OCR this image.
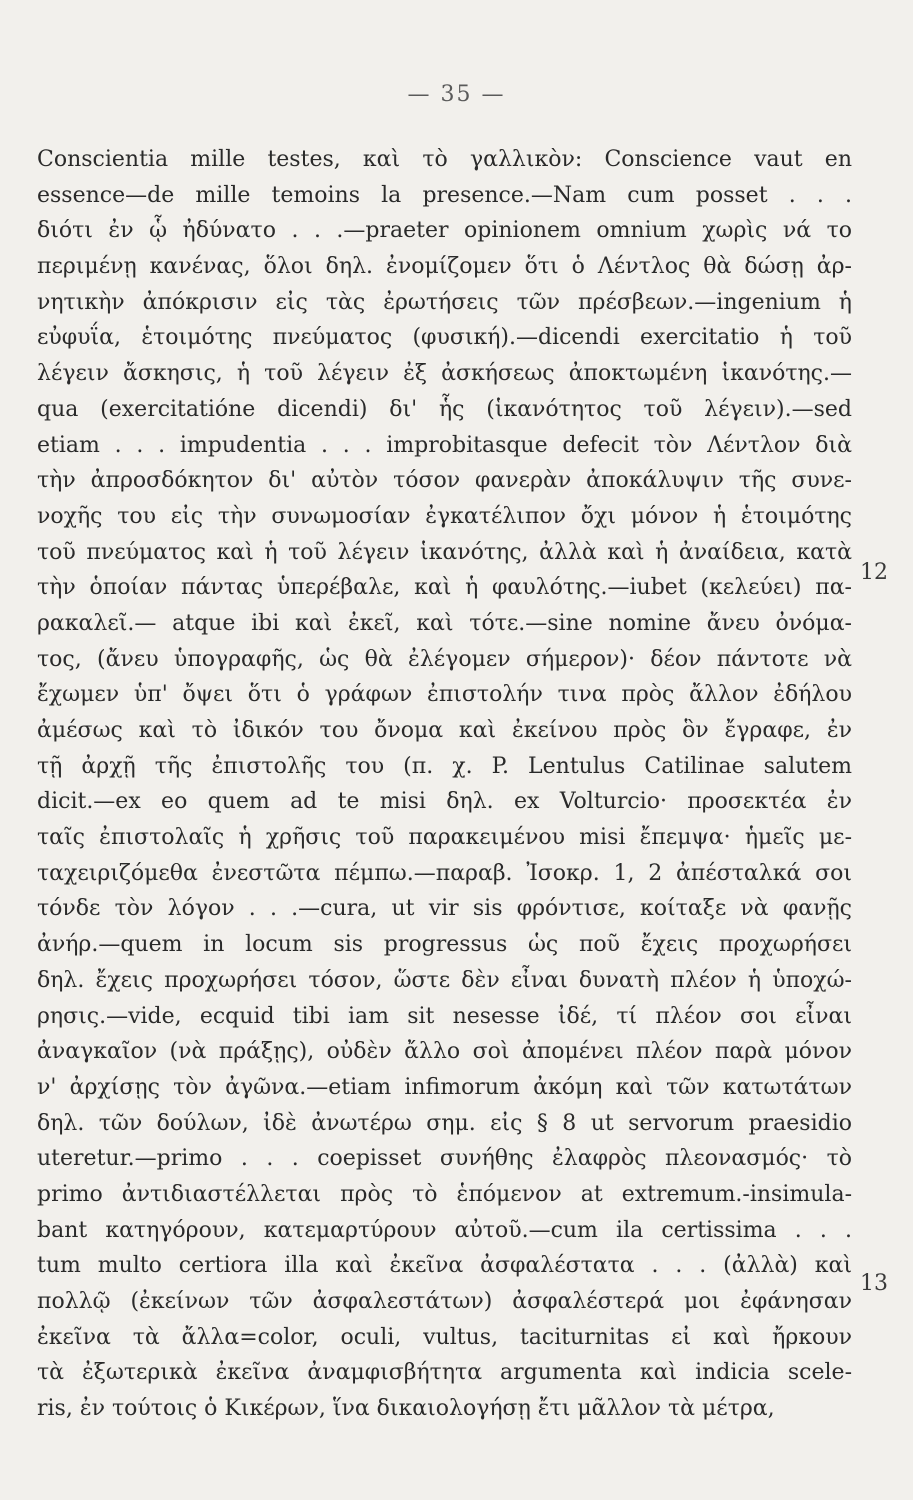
— 35 —
Conscientia mille testes, καὶ τὸ γαλλικὸν: Conscience vaut en
essence—de mille temoins la presence.—Nam cum posset . . .
διότι ἐν ᾧ ἠδύνατο . . .—praeter opinionem omnium χωρὶς νά το
περιμένῃ κανένας, ὅλοι δηλ. ἐνομίζομεν ὅτι ὁ Λέντλος θὰ δώσῃ ἀρ-
νητικὴν ἀπόκρισιν εἰς τὰς ἐρωτήσεις τῶν πρέσβεων.—ingenium ἡ
εὐφυΐα, ἑτοιμότης πνεύματος (φυσική).—dicendi exercitatio ἡ τοῦ
λέγειν ἄσκησις, ἡ τοῦ λέγειν ἐξ ἀσκήσεως ἀποκτωμένη ἱκανότης.—
qua (exercitatióne dicendi) δι' ἧς (ἱκανότητος τοῦ λέγειν).—sed
etiam . . . impudentia . . . improbitasque defecit τὸν Λέντλον διὰ
τὴν ἀπροσδόκητον δι' αὐτὸν τόσον φανερὰν ἀποκάλυψιν τῆς συνε-
νοχῆς του εἰς τὴν συνωμοσίαν ἐγκατέλιπον ὄχι μόνον ἡ ἑτοιμότης
τοῦ πνεύματος καὶ ἡ τοῦ λέγειν ἱκανότης, ἀλλὰ καὶ ἡ ἀναίδεια, κατὰ
τὴν ὁποίαν πάντας ὑπερέβαλε, καὶ ἡ φαυλότης.—iubet (κελεύει) πα-
ρακαλεῖ.— atque ibi καὶ ἐκεῖ, καὶ τότε.—sine nomine ἄνευ ὀνόμα-
τος, (ἄνευ ὑπογραφῆς, ὡς θὰ ἐλέγομεν σήμερον)· δέον πάντοτε νὰ
ἔχωμεν ὑπ' ὄψει ὅτι ὁ γράφων ἐπιστολήν τινα πρὸς ἄλλον ἐδήλου
ἀμέσως καὶ τὸ ἰδικόν του ὄνομα καὶ ἐκείνου πρὸς ὃν ἔγραφε, ἐν
τῇ ἀρχῇ τῆς ἐπιστολῆς του (π. χ. P. Lentulus Catilinae salutem
dicit.—ex eo quem ad te misi δηλ. ex Volturcio· προσεκτέα ἐν
ταῖς ἐπιστολαῖς ἡ χρῆσις τοῦ παρακειμένου misi ἔπεμψα· ἡμεῖς με-
ταχειριζόμεθα ἐνεστῶτα πέμπω.—παραβ. Ἰσοκρ. 1, 2 ἀπέσταλκά σοι
τόνδε τὸν λόγον . . .—cura, ut vir sis φρόντισε, κοίταξε νὰ φανῇς
ἀνήρ.—quem in locum sis progressus ὡς ποῦ ἔχεις προχωρήσει
δηλ. ἔχεις προχωρήσει τόσον, ὥστε δὲν εἶναι δυνατὴ πλέον ἡ ὑποχώ-
ρησις.—vide, ecquid tibi iam sit nesesse ἰδέ, τί πλέον σοι εἶναι
ἀναγκαῖον (νὰ πράξῃς), οὐδὲν ἄλλο σοὶ ἀπομένει πλέον παρὰ μόνον
ν' ἀρχίσῃς τὸν ἀγῶνα.—etiam infimorum ἀκόμη καὶ τῶν κατωτάτων
δηλ. τῶν δούλων, ἰδὲ ἀνωτέρω σημ. εἰς § 8 ut servorum praesidio
uteretur.—primo . . . coepisset συνήθης ἐλαφρὸς πλεονασμός· τὸ
primo ἀντιδιαστέλλεται πρὸς τὸ ἑπόμενον at extremum.-insimula-
bant κατηγόρουν, κατεμαρτύρουν αὐτοῦ.—cum ila certissima . . .
tum multo certiora illa καὶ ἐκεῖνα ἀσφαλέστατα . . . (ἀλλὰ) καὶ
πολλῷ (ἐκείνων τῶν ἀσφαλεστάτων) ἀσφαλέστερά μοι ἐφάνησαν
ἐκεῖνα τὰ ἄλλα=color, oculi, vultus, taciturnitas εἰ καὶ ἤρκουν
τὰ ἐξωτερικὰ ἐκεῖνα ἀναμφισβήτητα argumenta καὶ indicia scele-
ris, ἐν τούτοις ὁ Κικέρων, ἵνα δικαιολογήσῃ ἔτι μᾶλλον τὰ μέτρα,
12
13
